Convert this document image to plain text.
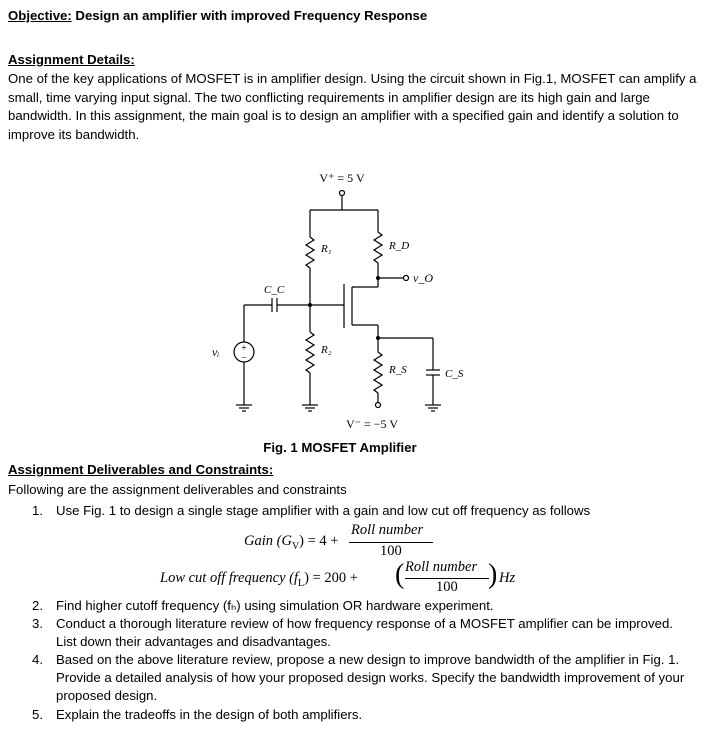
Objective: Design an amplifier with improved Frequency Response
Assignment Details:
One of the key applications of MOSFET is in amplifier design. Using the circuit shown in Fig.1, MOSFET can amplify a small, time varying input signal. The two conflicting requirements in amplifier design are its high gain and large bandwidth. In this assignment, the main goal is to design an amplifier with a specified gain and identify a solution to improve its bandwidth.
V⁺ = 5 V
R₁
R₂
R_D
R_S
C_C
C_S
vᵢ
v_O
+
−
V⁻ = −5 V
Fig. 1 MOSFET Amplifier
Assignment Deliverables and Constraints:
Following are the assignment deliverables and constraints
1. Use Fig. 1 to design a single stage amplifier with a gain and low cut off frequency as follows
Gain $(G_V) = 4$ +
Roll number
100
Low cut off frequency $(f_L) = 200$ + ( Roll number
100 ) Hz
2. Find higher cutoff frequency (fₕ) using simulation OR hardware experiment.
3. Conduct a thorough literature review of how frequency response of a MOSFET amplifier can be improved. List down their advantages and disadvantages.
4. Based on the above literature review, propose a new design to improve bandwidth of the amplifier in Fig. 1. Provide a detailed analysis of how your proposed design works. Specify the bandwidth improvement of your proposed design.
5. Explain the tradeoffs in the design of both amplifiers.
